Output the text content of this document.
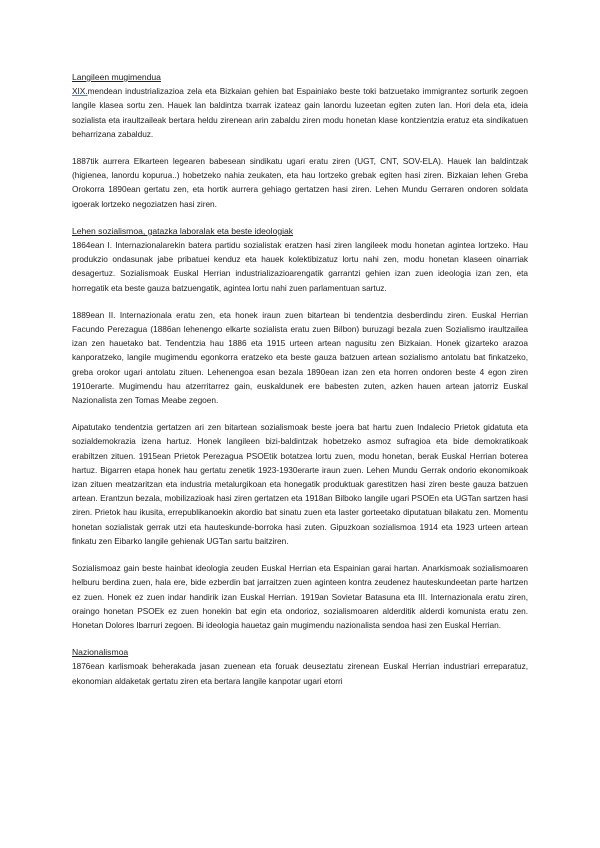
Langileen mugimendua

XIX.mendean industrializazioa zela eta Bizkaian gehien bat Espainiako beste toki batzuetako immigrantez sorturik zegoen langile klasea sortu zen. Hauek lan baldintza txarrak izateaz gain lanordu luzeetan egiten zuten lan. Hori dela eta, ideia sozialista eta iraultzaileak bertara heldu zirenean arin zabaldu ziren modu honetan klase kontzientzia eratuz eta sindikatuen beharrizana zabalduz.

1887tik aurrera Elkarteen legearen babesean sindikatu ugari eratu ziren (UGT, CNT, SOV-ELA). Hauek lan baldintzak (higienea, lanordu kopurua..) hobetzeko nahia zeukaten, eta hau lortzeko grebak egiten hasi ziren. Bizkaian lehen Greba Orokorra 1890ean gertatu zen, eta hortik aurrera gehiago gertatzen hasi ziren. Lehen Mundu Gerraren ondoren soldata igoerak lortzeko negoziatzen hasi ziren.

Lehen sozialismoa, gatazka laboralak eta beste ideologiak

1864ean I. Internazionalarekin batera partidu sozialistak eratzen hasi ziren langileek modu honetan agintea lortzeko. Hau produkzio ondasunak jabe pribatuei kenduz eta hauek kolektibizatuz lortu nahi zen, modu honetan klaseen oinarriak desagertuz. Sozialismoak Euskal Herrian industrializazioarengatik garrantzi gehien izan zuen ideologia izan zen, eta horregatik eta beste gauza batzuengatik, agintea lortu nahi zuen parlamentuan sartuz.

1889ean II. Internazionala eratu zen, eta honek iraun zuen bitartean bi tendentzia desberdindu ziren. Euskal Herrian Facundo Perezagua (1886an lehenengo elkarte sozialista eratu zuen Bilbon) buruzagi bezala zuen Sozialismo iraultzailea izan zen hauetako bat. Tendentzia hau 1886 eta 1915 urteen artean nagusitu zen Bizkaian. Honek gizarteko arazoa kanporatzeko, langile mugimendu egonkorra eratzeko eta beste gauza batzuen artean sozialismo antolatu bat finkatzeko, greba orokor ugari antolatu zituen. Lehenengoa esan bezala 1890ean izan zen eta horren ondoren beste 4 egon ziren 1910erarte. Mugimendu hau atzerritarrez gain, euskaldunek ere babesten zuten, azken hauen artean jatorriz Euskal Nazionalista zen Tomas Meabe zegoen.

Aipatutako tendentzia gertatzen ari zen bitartean sozialismoak beste joera bat hartu zuen Indalecio Prietok gidatuta eta sozialdemokrazia izena hartuz. Honek langileen bizi-baldintzak hobetzeko asmoz sufragioa eta bide demokratikoak erabiltzen zituen. 1915ean Prietok Perezagua PSOEtik botatzea lortu zuen, modu honetan, berak Euskal Herrian boterea hartuz. Bigarren etapa honek hau gertatu zenetik 1923-1930erarte iraun zuen. Lehen Mundu Gerrak ondorio ekonomikoak izan zituen meatzaritzan eta industria metalurgikoan eta honegatik produktuak garestitzen hasi ziren beste gauza batzuen artean. Erantzun bezala, mobilizazioak hasi ziren gertatzen eta 1918an Bilboko langile ugari PSOEn eta UGTan sartzen hasi ziren. Prietok hau ikusita, errepublikanoekin akordio bat sinatu zuen eta laster gorteetako diputatuan bilakatu zen. Momentu honetan sozialistak gerrak utzi eta hauteskunde-borroka hasi zuten. Gipuzkoan sozialismoa 1914 eta 1923 urteen artean finkatu zen Eibarko langile gehienak UGTan sartu baitziren.

Sozialismoaz gain beste hainbat ideologia zeuden Euskal Herrian eta Espainian garai hartan. Anarkismoak sozialismoaren helburu berdina zuen, hala ere, bide ezberdin bat jarraitzen zuen aginteen kontra zeudenez hauteskundeetan parte hartzen ez zuen. Honek ez zuen indar handirik izan Euskal Herrian. 1919an Sovietar Batasuna eta III. Internazionala eratu ziren, oraingo honetan PSOEk ez zuen honekin bat egin eta ondorioz, sozialismoaren alderditik alderdi komunista eratu zen. Honetan Dolores Ibarruri zegoen. Bi ideologia hauetaz gain mugimendu nazionalista sendoa hasi zen Euskal Herrian.

Nazionalismoa

1876ean karlismoak beherakada jasan zuenean eta foruak deuseztatu zirenean Euskal Herrian industriari erreparatuz, ekonomian aldaketak gertatu ziren eta bertara langile kanpotar ugari etorri
